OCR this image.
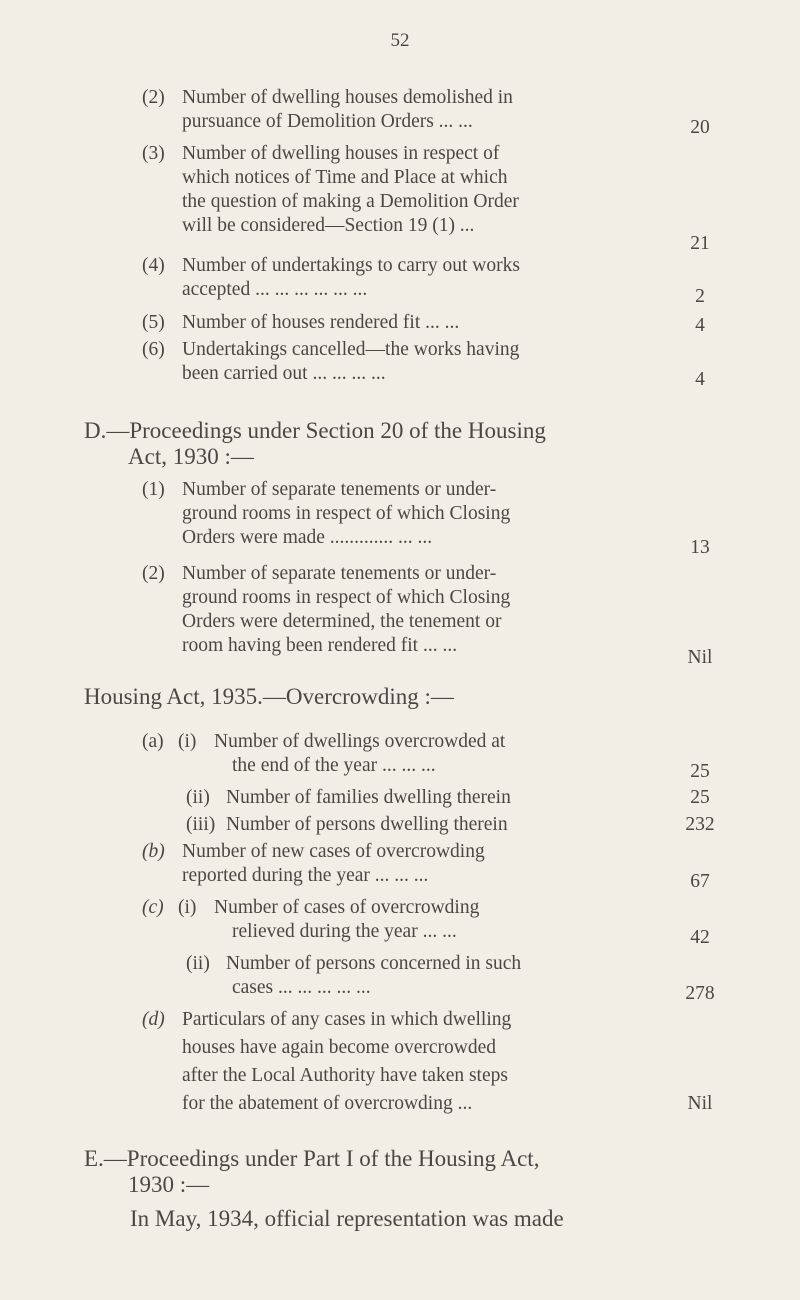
52
(2) Number of dwelling houses demolished in
pursuance of Demolition Orders ... ...	20
(3) Number of dwelling houses in respect of
which notices of Time and Place at which
the question of making a Demolition Order
will be considered—Section 19 (1) ...
21
(4) Number of undertakings to carry out works
accepted ... ... ... ... ... ...	2
(5) Number of houses rendered fit ... ...	4
(6) Undertakings cancelled—the works having
been carried out ... ... ... ...	4
D.—Proceedings under Section 20 of the Housing
Act, 1930 :—
(1) Number of separate tenements or under-
ground rooms in respect of which Closing
Orders were made ............. ... ...	13
(2) Number of separate tenements or under-
ground rooms in respect of which Closing
Orders were determined, the tenement or
room having been rendered fit ... ...
Nil
Housing Act, 1935.—Overcrowding :—
(a) (i) Number of dwellings overcrowded at
the end of the year ... ... ...	25
(ii) Number of families dwelling therein	25
(iii) Number of persons dwelling therein	232
(b) Number of new cases of overcrowding
reported during the year ... ... ...	67
(c) (i) Number of cases of overcrowding
relieved during the year ... ...	42
(ii) Number of persons concerned in such
cases ... ... ... ... ...	278
(d) Particulars of any cases in which dwelling
houses have again become overcrowded
after the Local Authority have taken steps
for the abatement of overcrowding ...	Nil
E.—Proceedings under Part I of the Housing Act,
1930 :—
In May, 1934, official representation was made
